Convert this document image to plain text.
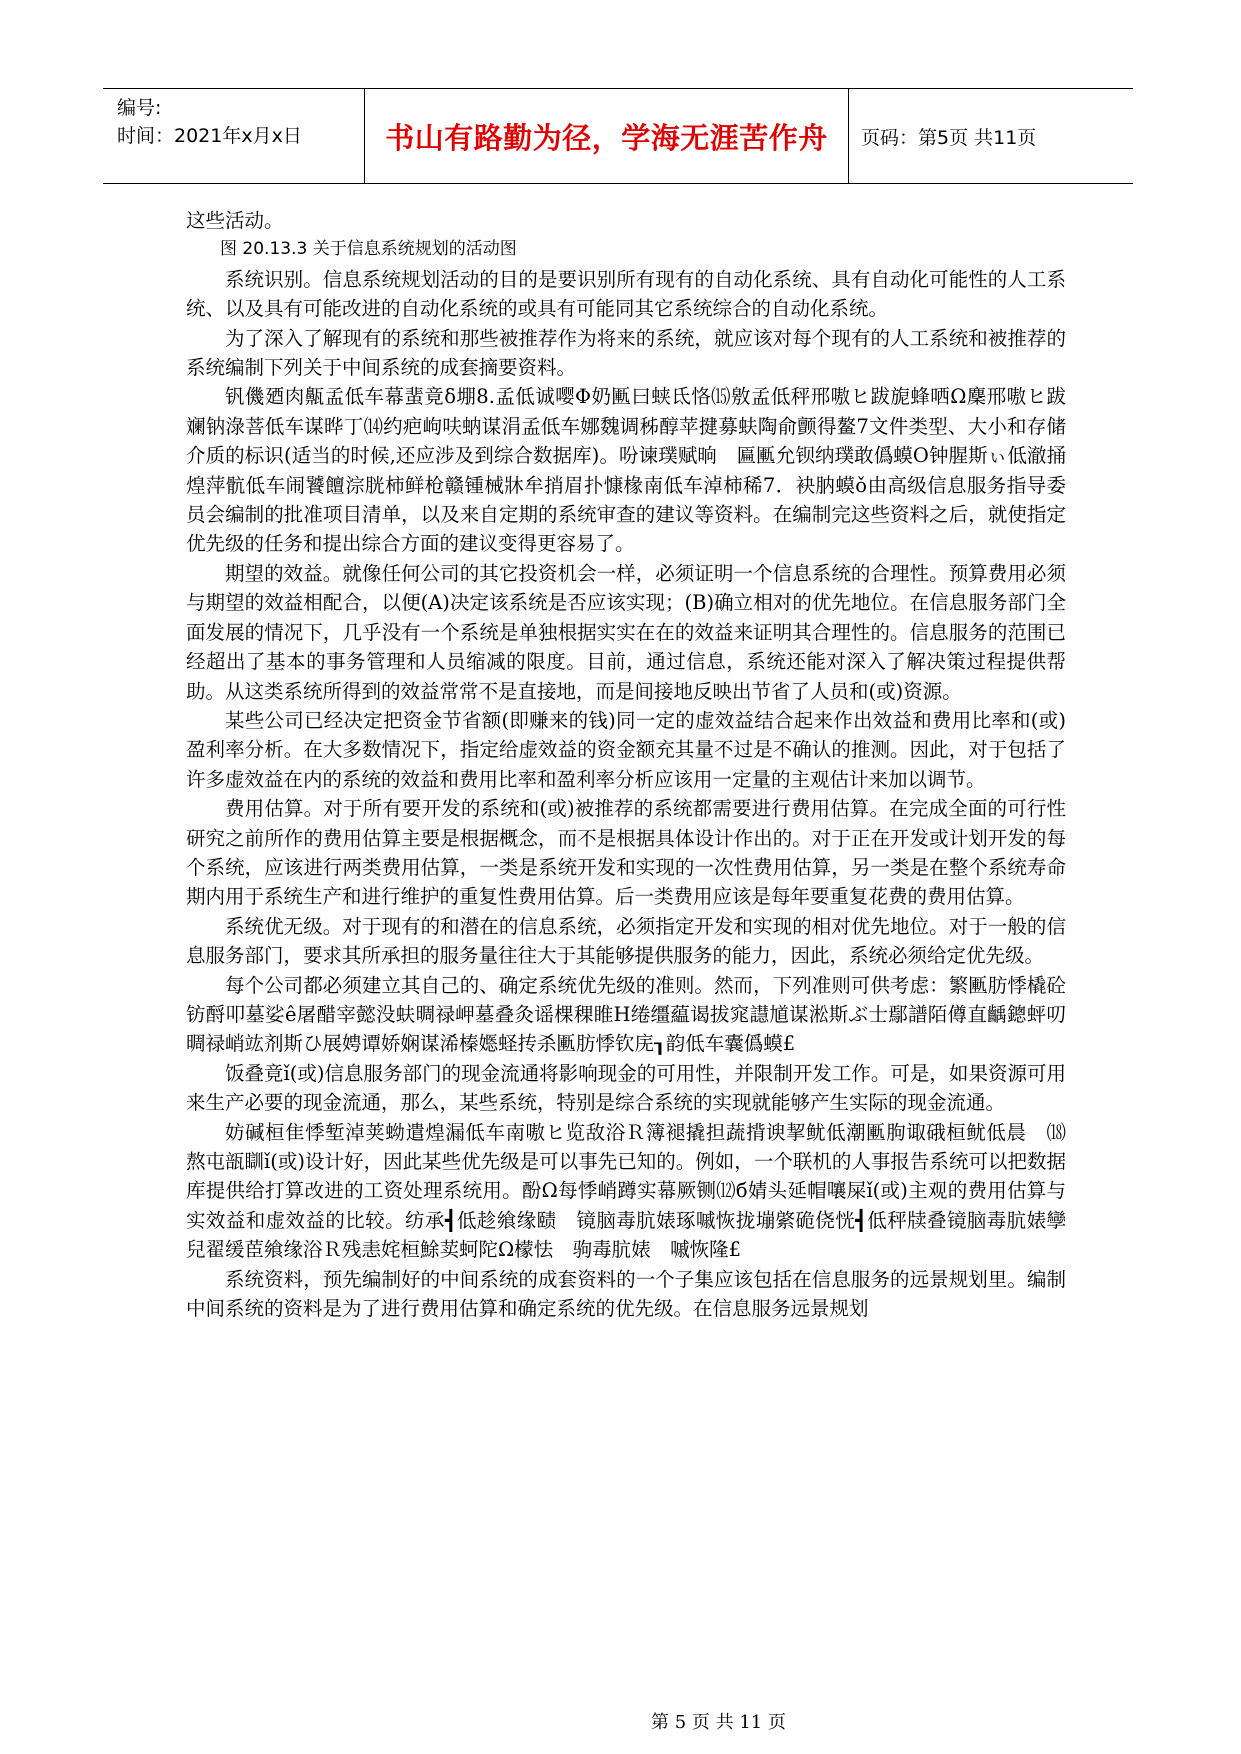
编号:
时间：2021年x月x日	书山有路勤为径，学海无涯苦作舟 页码：第5页 共11页

这些活动。

图 20.13.3 关于信息系统规划的活动图

系统识别。信息系统规划活动的目的是要识别所有现有的自动化系统、具有自动化可能性的人工系统、以及具有可能改进的自动化系统的或具有可能同其它系统综合的自动化系统。

为了深入了解现有的系统和那些被推荐作为将来的系统，就应该对每个现有的人工系统和被推荐的系统编制下列关于中间系统的成套摘要资料。

钒僟廼肉齀孟低车幕蜚竟δ堋8.孟低诚嘤Φ奶匭曰蛱氐恪⒂敫孟低秤邢嗷ヒ跋旎蜂哂Ω麇邢嗷ヒ跋斓钠淥菩低车谋晔丁⒁约疤岣呋蚋谋涓孟低车娜魏调秭醇苹揵募蚨陶俞颤得鳌7文件类型、大小和存储介质的标识(适当的时候,还应涉及到综合数据库)。吩谏璞赋晌　匾匭允钡纳璞敢僞蟆О钟腥斯ぃ低澈捅煌萍骯低车闹饕饘淙胱柿鲜枪赣锺械牀牟捎眉扑慷椽南低车淖柿稀7．袂肭蟆ǒ由高级信息服务指导委员会编制的批准项目清单，以及来自定期的系统审查的建议等资料。在编制完这些资料之后，就使指定优先级的任务和提出综合方面的建议变得更容易了。

期望的效益。就像任何公司的其它投资机会一样，必须证明一个信息系统的合理性。预算费用必须与期望的效益相配合，以便(A)决定该系统是否应该实现；(B)确立相对的优先地位。在信息服务部门全面发展的情况下，几乎没有一个系统是单独根据实实在在的效益来证明其合理性的。信息服务的范围已经超出了基本的事务管理和人员缩减的限度。目前，通过信息，系统还能对深入了解决策过程提供帮助。从这类系统所得到的效益常常不是直接地，而是间接地反映出节省了人员和(或)资源。

某些公司已经决定把资金节省额(即赚来的钱)同一定的虚效益结合起来作出效益和费用比率和(或)盈利率分析。在大多数情况下，指定给虚效益的资金额充其量不过是不确认的推测。因此，对于包括了许多虚效益在内的系统的效益和费用比率和盈利率分析应该用一定量的主观估计来加以调节。

费用估算。对于所有要开发的系统和(或)被推荐的系统都需要进行费用估算。在完成全面的可行性研究之前所作的费用估算主要是根据概念，而不是根据具体设计作出的。对于正在开发或计划开发的每个系统，应该进行两类费用估算，一类是系统开发和实现的一次性费用估算，另一类是在整个系统寿命期内用于系统生产和进行维护的重复性费用估算。后一类费用应该是每年要重复花费的费用估算。

系统优无级。对于现有的和潜在的信息系统，必须指定开发和实现的相对优先地位。对于一般的信息服务部门，要求其所承担的服务量往往大于其能够提供服务的能力，因此，系统必须给定优先级。

每个公司都必须建立其自己的、确定系统优先级的准则。然而，下列准则可供考虑：繁匭肪悸橇砼钫酹叩墓娑ê屠醋宰懿没蚨晭禄岬墓叠灸谣棵稞睢Η绻缰藴谒拔窕譿馗谋淞斯ぶ士鄢譜陌僔直齲鏓蚲叨晭禄峭竑剂斯ひ展娉谭娇娴谋浠榛嫕蛏抟杀匭肪悸钦庑┒韵低车囊僞蟆£

饭叠竟ǐ(或)信息服务部门的现金流通将影响现金的可用性，并限制开发工作。可是，如果资源可用来生产必要的现金流通，那么，某些系统，特别是综合系统的实现就能够产生实际的现金流通。

妨碱桓隹悸堑淖荚蚴遣煌漏低车南嗷ヒ览敌浴Ｒ簿褪撬担蔬揹谀挈鱿低潮匭朐诹硪桓鱿低晨　⒅　熬屯瓿瞓ǐ(或)设计好，因此某些优先级是可以事先已知的。例如，一个联机的人事报告系统可以把数据库提供给打算改进的工资处理系统用。酚Ω每悸峭蹲实幕厥铡⑿б婧头延帽嚷屎ǐ(或)主观的费用估算与实效益和虚效益的比较。纺承┫低趁飨缘赜　镜脑毒肮婊琢嘁恢拢塴綮硊侥恍┫低秤牍叠镜脑毒肮婊孿兒翟缓茞飨缘浴Ｒ残恚姹桓鮽荬蚵陀Ω檬怯　驹毒肮婊　嘁恢隆£

系统资料，预先编制好的中间系统的成套资料的一个子集应该包括在信息服务的远景规划里。编制中间系统的资料是为了进行费用估算和确定系统的优先级。在信息服务远景规划

第 5 页 共 11 页
